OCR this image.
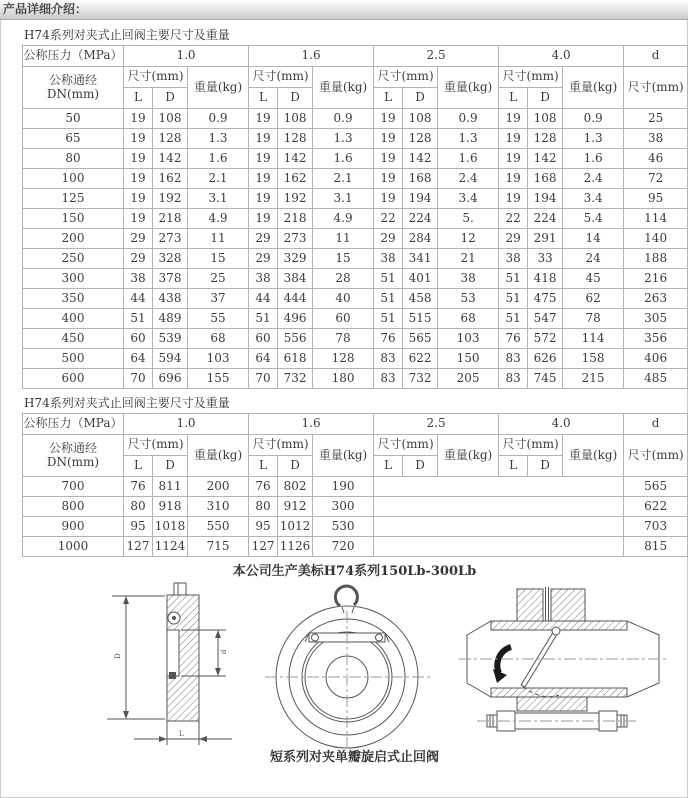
产品详细介绍：
H74系列对夹式止回阀主要尺寸及重量
公称压力（MPa）	1.0			1.6			2.5			4.0			d
公称通经DN(mm)	尺寸(mm)		重量(kg)	尺寸(mm)		重量(kg)	尺寸(mm)		重量(kg)	尺寸(mm)		重量(kg)	尺寸(mm)
	L	D		L	D		L	D		L	D		
50	19	108	0.9	19	108	0.9	19	108	0.9	19	108	0.9	25
65	19	128	1.3	19	128	1.3	19	128	1.3	19	128	1.3	38
80	19	142	1.6	19	142	1.6	19	142	1.6	19	142	1.6	46
100	19	162	2.1	19	162	2.1	19	168	2.4	19	168	2.4	72
125	19	192	3.1	19	192	3.1	19	194	3.4	19	194	3.4	95
150	19	218	4.9	19	218	4.9	22	224	5.	22	224	5.4	114
200	29	273	11	29	273	11	29	284	12	29	291	14	140
250	29	328	15	29	329	15	38	341	21	38	33	24	188
300	38	378	25	38	384	28	51	401	38	51	418	45	216
350	44	438	37	44	444	40	51	458	53	51	475	62	263
400	51	489	55	51	496	60	51	515	68	51	547	78	305
450	60	539	68	60	556	78	76	565	103	76	572	114	356
500	64	594	103	64	618	128	83	622	150	83	626	158	406
600	70	696	155	70	732	180	83	732	205	83	745	215	485
H74系列对夹式止回阀主要尺寸及重量
公称压力（MPa）	1.0			1.6			2.5			4.0			d
公称通经DN(mm)	尺寸(mm)		重量(kg)	尺寸(mm)		重量(kg)	尺寸(mm)		重量(kg)	尺寸(mm)		重量(kg)	尺寸(mm)
	L	D		L	D		L	D		L	D		
700	76	811	200	76	802	190							565
800	80	918	310	80	912	300							622
900	95	1018	550	95	1012	530							703
1000	127	1124	715	127	1126	720							815
本公司生产美标H74系列150Lb-300Lb
D
d
L
短系列对夹单瓣旋启式止回阀
